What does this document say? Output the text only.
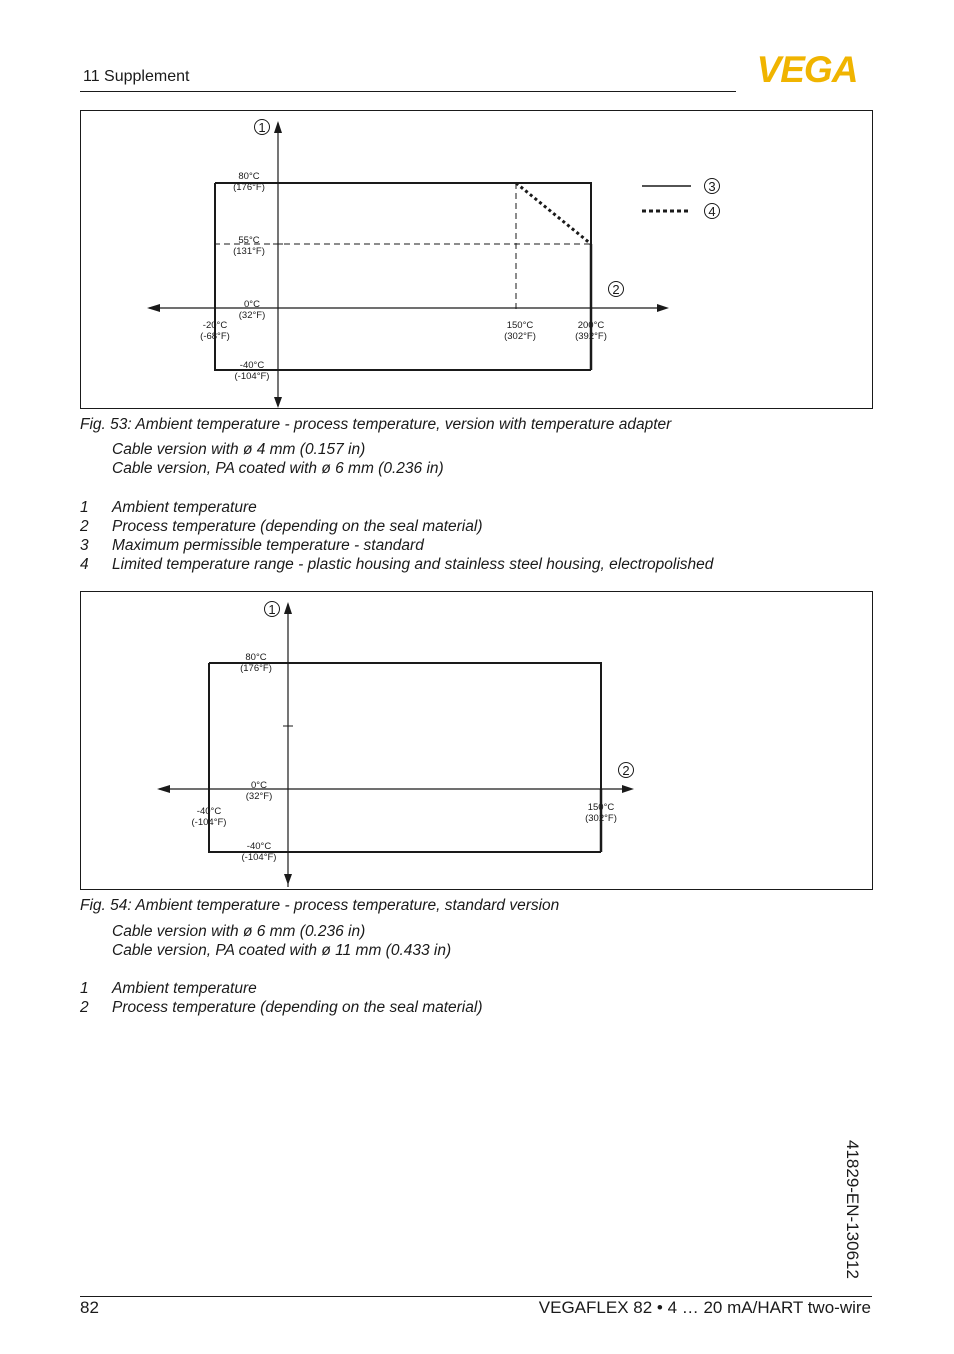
11 Supplement	VEGA
80°C
(176°F)
55°C
(131°F)
0°C
(32°F)
-40°C
(-104°F)
-20°C
(-68°F)
150°C
(302°F)
200°C
(392°F)
1
2
3
4
Fig. 53: Ambient temperature - process temperature, version with temperature adapter
Cable version with ø 4 mm (0.157 in)
Cable version, PA coated with ø 6 mm (0.236 in)
1 Ambient temperature
2 Process temperature (depending on the seal material)
3 Maximum permissible temperature - standard
4 Limited temperature range - plastic housing and stainless steel housing, electropolished
80°C
(176°F)
0°C
(32°F)
-40°C
(-104°F)
-40°C
(-104°F)
150°C
(302°F)
1
2
Fig. 54: Ambient temperature - process temperature, standard version
Cable version with ø 6 mm (0.236 in)
Cable version, PA coated with ø 11 mm (0.433 in)
1 Ambient temperature
2 Process temperature (depending on the seal material)
41829-EN-130612
82	VEGAFLEX 82 • 4 … 20 mA/HART two-wire
